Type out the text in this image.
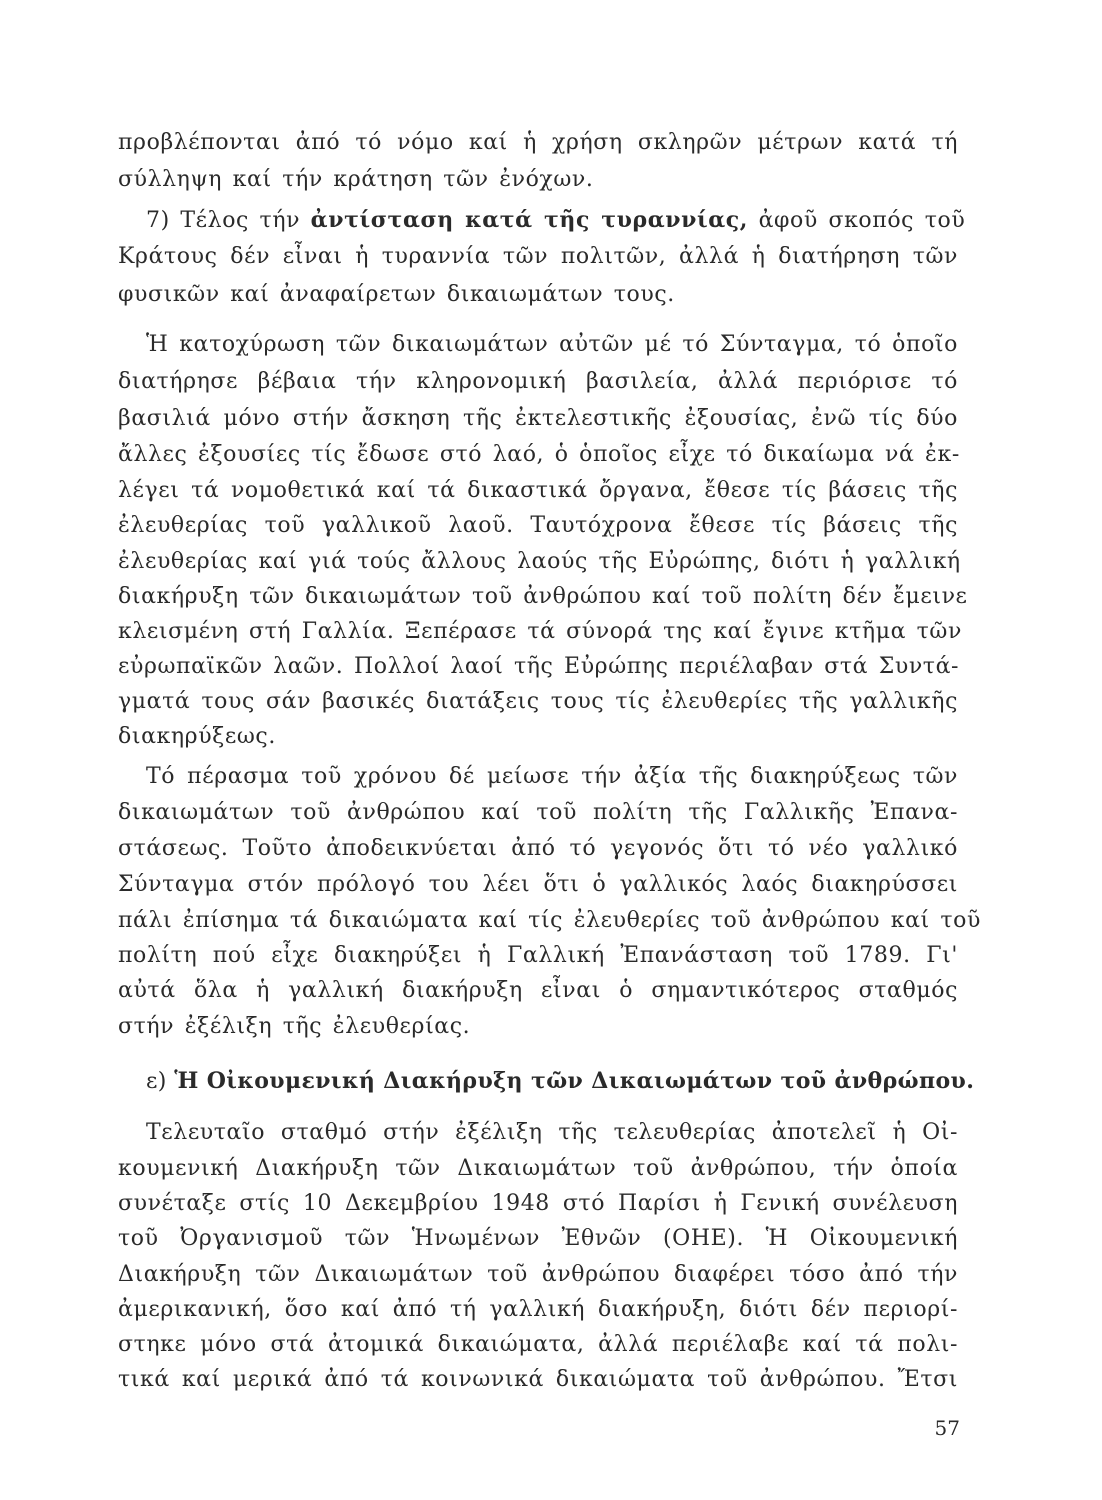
προβλέπονται ἀπό τό νόμο καί ἡ χρήση σκληρῶν μέτρων κατά τή
σύλληψη καί τήν κράτηση τῶν ἐνόχων.
7) Τέλος τήν ἀντίσταση κατά τῆς τυραννίας, ἀφοῦ σκοπός τοῦ
Κράτους δέν εἶναι ἡ τυραννία τῶν πολιτῶν, ἀλλά ἡ διατήρηση τῶν
φυσικῶν καί ἀναφαίρετων δικαιωμάτων τους.
Ἡ κατοχύρωση τῶν δικαιωμάτων αὐτῶν μέ τό Σύνταγμα, τό ὁποῖο
διατήρησε βέβαια τήν κληρονομική βασιλεία, ἀλλά περιόρισε τό
βασιλιά μόνο στήν ἄσκηση τῆς ἐκτελεστικῆς ἐξουσίας, ἐνῶ τίς δύο
ἄλλες ἐξουσίες τίς ἔδωσε στό λαό, ὁ ὁποῖος εἶχε τό δικαίωμα νά ἐκ-
λέγει τά νομοθετικά καί τά δικαστικά ὄργανα, ἔθεσε τίς βάσεις τῆς
ἐλευθερίας τοῦ γαλλικοῦ λαοῦ. Ταυτόχρονα ἔθεσε τίς βάσεις τῆς
ἐλευθερίας καί γιά τούς ἄλλους λαούς τῆς Εὐρώπης, διότι ἡ γαλλική
διακήρυξη τῶν δικαιωμάτων τοῦ ἀνθρώπου καί τοῦ πολίτη δέν ἔμεινε
κλεισμένη στή Γαλλία. Ξεπέρασε τά σύνορά της καί ἔγινε κτῆμα τῶν
εὐρωπαϊκῶν λαῶν. Πολλοί λαοί τῆς Εὐρώπης περιέλαβαν στά Συντά-
γματά τους σάν βασικές διατάξεις τους τίς ἐλευθερίες τῆς γαλλικῆς
διακηρύξεως.
Τό πέρασμα τοῦ χρόνου δέ μείωσε τήν ἀξία τῆς διακηρύξεως τῶν
δικαιωμάτων τοῦ ἀνθρώπου καί τοῦ πολίτη τῆς Γαλλικῆς Ἐπανα-
στάσεως. Τοῦτο ἀποδεικνύεται ἀπό τό γεγονός ὅτι τό νέο γαλλικό
Σύνταγμα στόν πρόλογό του λέει ὅτι ὁ γαλλικός λαός διακηρύσσει
πάλι ἐπίσημα τά δικαιώματα καί τίς ἐλευθερίες τοῦ ἀνθρώπου καί τοῦ
πολίτη πού εἶχε διακηρύξει ἡ Γαλλική Ἐπανάσταση τοῦ 1789. Γι'
αὐτά ὅλα ἡ γαλλική διακήρυξη εἶναι ὁ σημαντικότερος σταθμός
στήν ἐξέλιξη τῆς ἐλευθερίας.
ε) Ἡ Οἰκουμενική Διακήρυξη τῶν Δικαιωμάτων τοῦ ἀνθρώπου.
Τελευταῖο σταθμό στήν ἐξέλιξη τῆς τελευθερίας ἀποτελεῖ ἡ Οἰ-
κουμενική Διακήρυξη τῶν Δικαιωμάτων τοῦ ἀνθρώπου, τήν ὁποία
συνέταξε στίς 10 Δεκεμβρίου 1948 στό Παρίσι ἡ Γενική συνέλευση
τοῦ Ὀργανισμοῦ τῶν Ἡνωμένων Ἐθνῶν (ΟΗΕ). Ἡ Οἰκουμενική
Διακήρυξη τῶν Δικαιωμάτων τοῦ ἀνθρώπου διαφέρει τόσο ἀπό τήν
ἀμερικανική, ὅσο καί ἀπό τή γαλλική διακήρυξη, διότι δέν περιορί-
στηκε μόνο στά ἀτομικά δικαιώματα, ἀλλά περιέλαβε καί τά πολι-
τικά καί μερικά ἀπό τά κοινωνικά δικαιώματα τοῦ ἀνθρώπου. Ἔτσι
57
